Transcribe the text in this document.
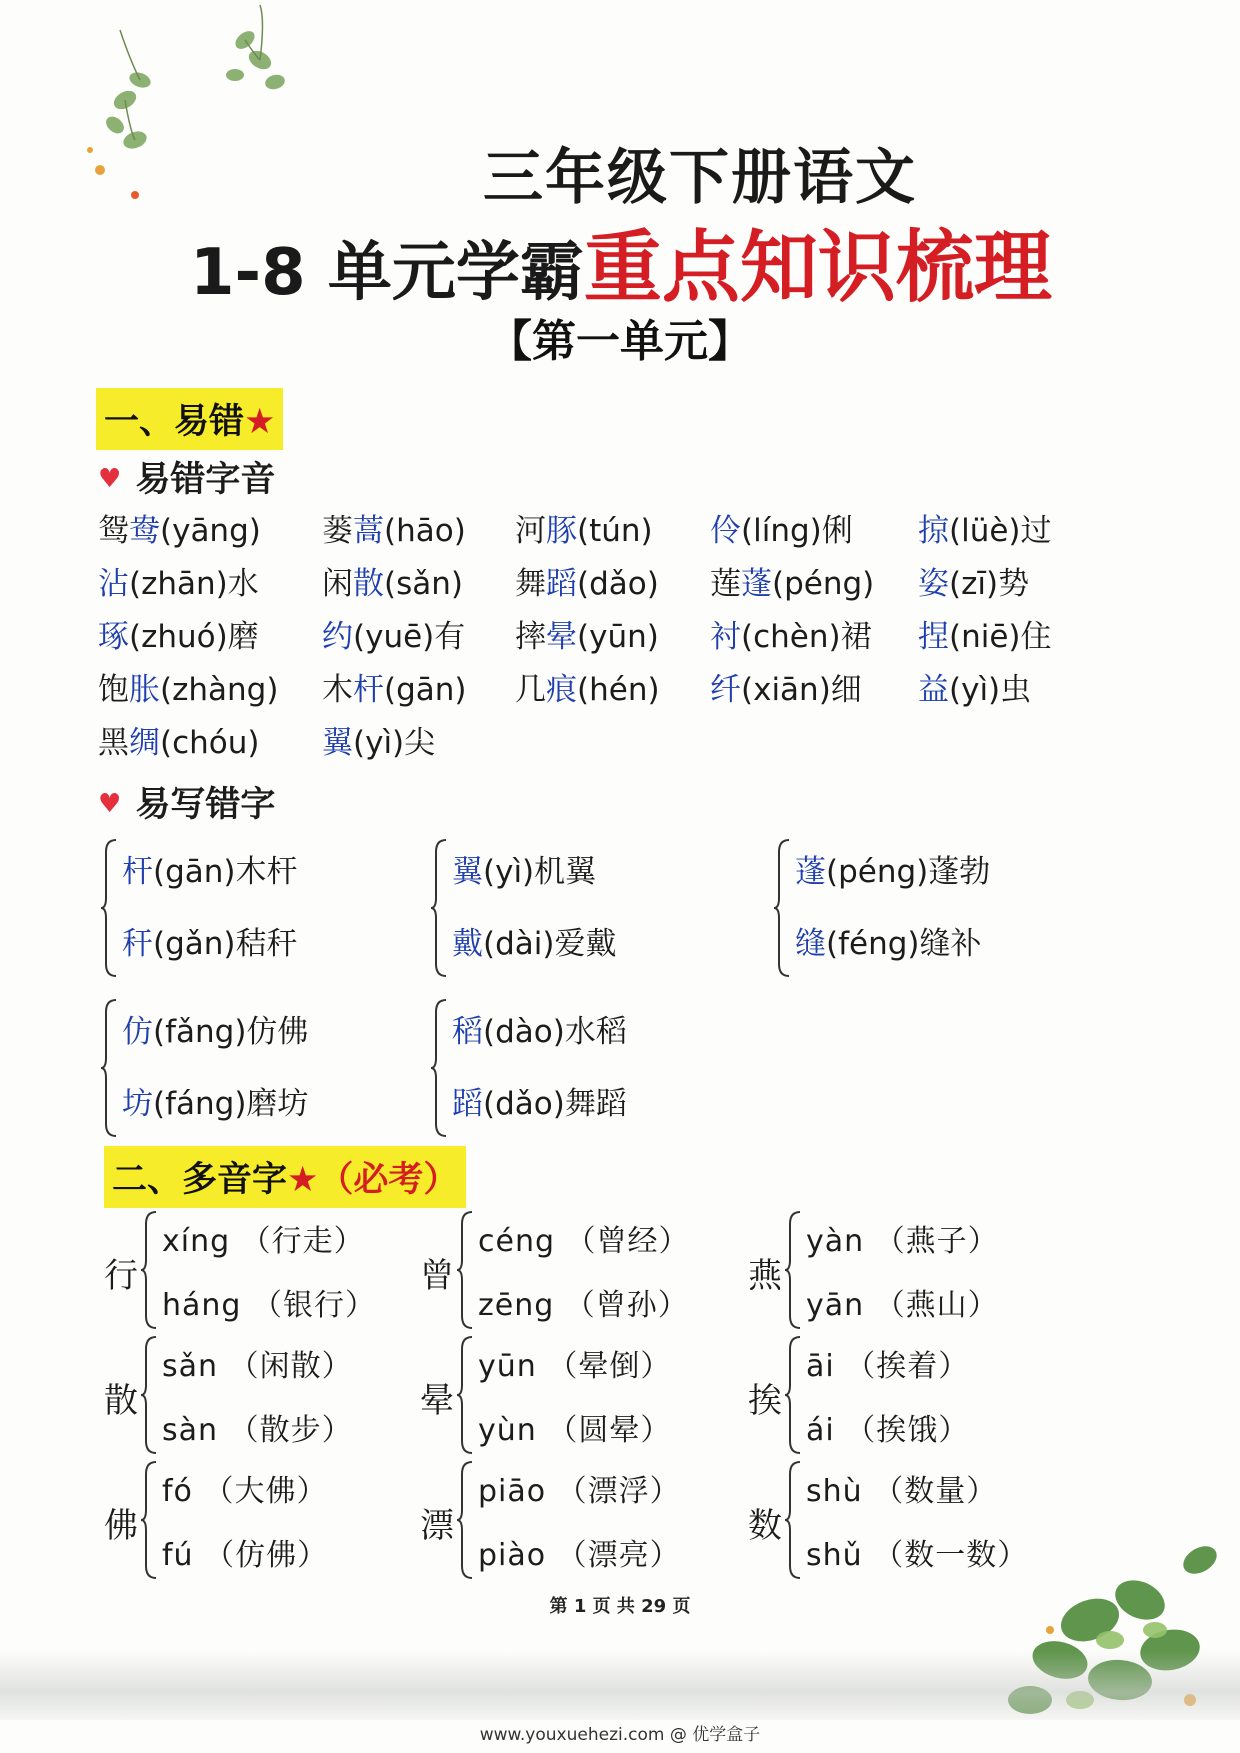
三年级下册语文
1-8 单元学霸重点知识梳理
【第一单元】
一、易错★
♥ 易错字音
鸳鸯(yāng) 蒌蒿(hāo) 河豚(tún) 伶(líng)俐 掠(lüè)过
沾(zhān)水 闲散(sǎn) 舞蹈(dǎo) 莲蓬(péng) 姿(zī)势
琢(zhuó)磨 约(yuē)有 摔晕(yūn) 衬(chèn)裙 捏(niē)住
饱胀(zhàng) 木杆(gān) 几痕(hén) 纤(xiān)细 益(yì)虫
黑绸(chóu) 翼(yì)尖
♥ 易写错字
杆(gān)木杆
秆(gǎn)秸秆
翼(yì)机翼
戴(dài)爱戴
蓬(péng)蓬勃
缝(féng)缝补
仿(fǎng)仿佛
坊(fáng)磨坊
稻(dào)水稻
蹈(dǎo)舞蹈
二、多音字★（必考）
行
xíng （行走）
háng （银行）
曾
céng （曾经）
zēng （曾孙）
燕
yàn （燕子）
yān （燕山）
散
sǎn （闲散）
sàn （散步）
晕
yūn （晕倒）
yùn （圆晕）
挨
āi （挨着）
ái （挨饿）
佛
fó （大佛）
fú （仿佛）
漂
piāo （漂浮）
piào （漂亮）
数
shù （数量）
shǔ （数一数）
第 1 页 共 29 页
www.youxuehezi.com @ 优学盒子
